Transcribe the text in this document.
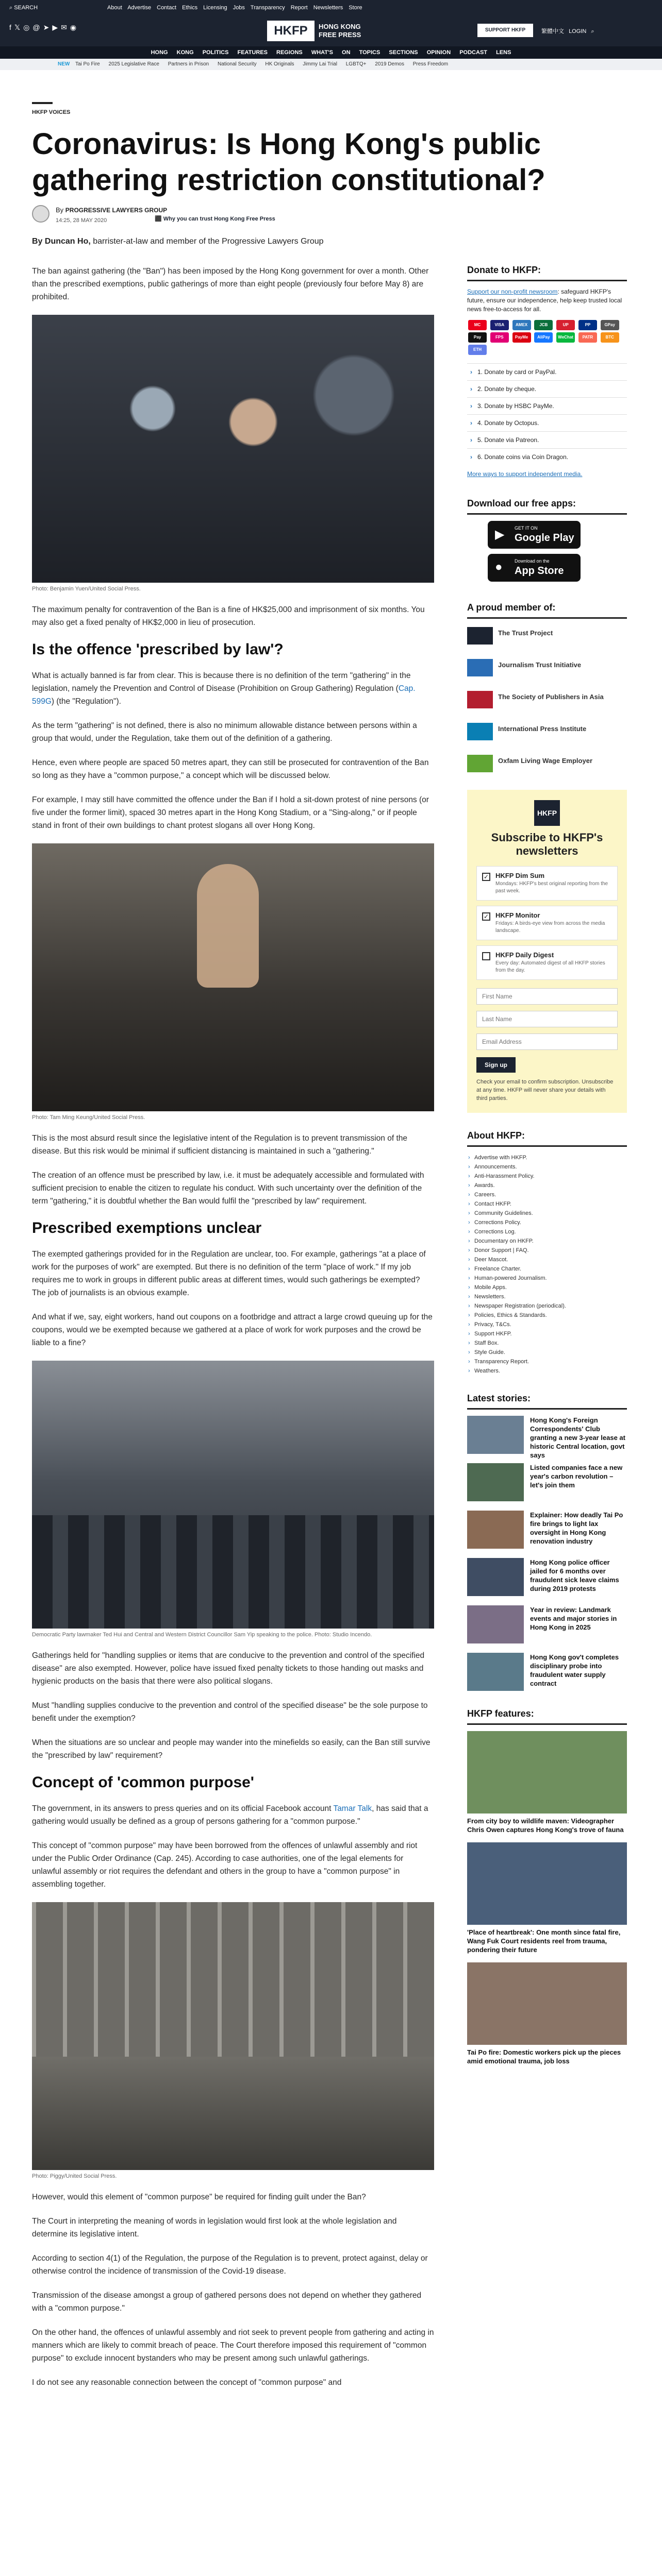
⌕ SEARCH	About Advertise Contact Ethics Licensing Jobs Transparency Report Newsletters Store
f𝕏◎@➤▶✉◉	HKFP	HONG KONG
FREE PRESS
SUPPORT HKFP	繁體中文 LOGIN ⌕
HONG KONG POLITICS FEATURES REGIONS WHAT'S ON TOPICS SECTIONS OPINION PODCAST LENS
NEW Tai Po Fire 2025 Legislative Race Partners in Prison National Security HK Originals Jimmy Lai Trial LGBTQ+ 2019 Demos Press Freedom
HKFP VOICES
Coronavirus: Is Hong Kong's public gathering restriction constitutional?
By PROGRESSIVE LAWYERS GROUP
14:25, 28 MAY 2020	⬛ Why you can trust Hong Kong Free Press
By Duncan Ho, barrister-at-law and member of the Progressive Lawyers Group

The ban against gathering (the "Ban") has been imposed by the Hong Kong government for over a month. Other than the prescribed exemptions, public gatherings of more than eight people (previously four before May 8) are prohibited.

Photo: Benjamin Yuen/United Social Press.

The maximum penalty for contravention of the Ban is a fine of HK$25,000 and imprisonment of six months. You may also get a fixed penalty of HK$2,000 in lieu of prosecution.

Is the offence 'prescribed by law'?

What is actually banned is far from clear. This is because there is no definition of the term "gathering" in the legislation, namely the Prevention and Control of Disease (Prohibition on Group Gathering) Regulation (Cap. 599G) (the "Regulation").

As the term "gathering" is not defined, there is also no minimum allowable distance between persons within a group that would, under the Regulation, take them out of the definition of a gathering.

Hence, even where people are spaced 50 metres apart, they can still be prosecuted for contravention of the Ban so long as they have a "common purpose," a concept which will be discussed below.

For example, I may still have committed the offence under the Ban if I hold a sit-down protest of nine persons (or five under the former limit), spaced 30 metres apart in the Hong Kong Stadium, or a "Sing-along," or if people stand in front of their own buildings to chant protest slogans all over Hong Kong.

Photo: Tam Ming Keung/United Social Press.

This is the most absurd result since the legislative intent of the Regulation is to prevent transmission of the disease. But this risk would be minimal if sufficient distancing is maintained in such a "gathering."

The creation of an offence must be prescribed by law, i.e. it must be adequately accessible and formulated with sufficient precision to enable the citizen to regulate his conduct. With such uncertainty over the definition of the term "gathering," it is doubtful whether the Ban would fulfil the "prescribed by law" requirement.

Prescribed exemptions unclear

The exempted gatherings provided for in the Regulation are unclear, too. For example, gatherings "at a place of work for the purposes of work" are exempted. But there is no definition of the term "place of work." If my job requires me to work in groups in different public areas at different times, would such gatherings be exempted? The job of journalists is an obvious example.

And what if we, say, eight workers, hand out coupons on a footbridge and attract a large crowd queuing up for the coupons, would we be exempted because we gathered at a place of work for work purposes and the crowd be liable to a fine?

Democratic Party lawmaker Ted Hui and Central and Western District Councillor Sam Yip speaking to the police. Photo: Studio Incendo.

Gatherings held for "handling supplies or items that are conducive to the prevention and control of the specified disease" are also exempted. However, police have issued fixed penalty tickets to those handing out masks and hygienic products on the basis that there were also political slogans.

Must "handling supplies conducive to the prevention and control of the specified disease" be the sole purpose to benefit under the exemption?

When the situations are so unclear and people may wander into the minefields so easily, can the Ban still survive the "prescribed by law" requirement?

Concept of 'common purpose'

The government, in its answers to press queries and on its official Facebook account Tamar Talk, has said that a gathering would usually be defined as a group of persons gathering for a "common purpose."

This concept of "common purpose" may have been borrowed from the offences of unlawful assembly and riot under the Public Order Ordinance (Cap. 245). According to case authorities, one of the legal elements for unlawful assembly or riot requires the defendant and others in the group to have a "common purpose" in assembling together.

Photo: Piggy/United Social Press.

However, would this element of "common purpose" be required for finding guilt under the Ban?

The Court in interpreting the meaning of words in legislation would first look at the whole legislation and determine its legislative intent.

According to section 4(1) of the Regulation, the purpose of the Regulation is to prevent, protect against, delay or otherwise control the incidence of transmission of the Covid-19 disease.

Transmission of the disease amongst a group of gathered persons does not depend on whether they gathered with a "common purpose."

On the other hand, the offences of unlawful assembly and riot seek to prevent people from gathering and acting in manners which are likely to commit breach of peace. The Court therefore imposed this requirement of "common purpose" to exclude innocent bystanders who may be present among such unlawful gatherings.

I do not see any reasonable connection between the concept of "common purpose" and

Donate to HKFP:
Support our non-profit newsroom: safeguard HKFP's future, ensure our independence, help keep trusted local news free-to-access for all.
MC	VISA	AMEX	JCB	UP	PP	GPay Pay	FPS	PayMe AliPay WeChat PATR	BTC ETH
› 1. Donate by card or PayPal.
› 2. Donate by cheque.
› 3. Donate by HSBC PayMe.
› 4. Donate by Octopus.
› 5. Donate via Patreon.
› 6. Donate coins via Coin Dragon.
More ways to support independent media.
Download our free apps:
▶ GET IT ON
Google Play
●	Download on the
App Store
A proud member of:
The Trust Project
Journalism Trust Initiative
The Society of Publishers in Asia
International Press Institute
Oxfam Living Wage Employer
HKFP
Subscribe to HKFP's newsletters
✓ HKFP Dim Sum
Mondays: HKFP's best original reporting from the past week.
✓ HKFP Monitor
Fridays: A birds-eye view from across the media landscape.
HKFP Daily Digest
Every day: Automated digest of all HKFP stories from the day.
First Name Last Name Email Address Sign up
Check your email to confirm subscription. Unsubscribe at any time. HKFP will never share your details with third parties.
About HKFP:
› Advertise with HKFP.
› Announcements.
› Anti-Harassment Policy.
› Awards.
› Careers.
› Contact HKFP.
› Community Guidelines.
› Corrections Policy.
› Corrections Log.
› Documentary on HKFP.
› Donor Support | FAQ.
› Deer Mascot.
› Freelance Charter.
› Human-powered Journalism.
› Mobile Apps.
› Newsletters.
› Newspaper Registration (periodical).
› Policies, Ethics & Standards.
› Privacy, T&Cs.
› Support HKFP.
› Staff Box.
› Style Guide.
› Transparency Report.
› Weathers.
Latest stories:
Hong Kong's Foreign Correspondents' Club granting a new 3-year lease at historic Central location, govt says
Listed companies face a new year's carbon revolution – let's join them
Explainer: How deadly Tai Po fire brings to light lax oversight in Hong Kong renovation industry
Hong Kong police officer jailed for 6 months over fraudulent sick leave claims during 2019 protests
Year in review: Landmark events and major stories in Hong Kong in 2025
Hong Kong gov't completes disciplinary probe into fraudulent water supply contract
HKFP features:
From city boy to wildlife maven: Videographer Chris Owen captures Hong Kong's trove of fauna
'Place of heartbreak': One month since fatal fire, Wang Fuk Court residents reel from trauma, pondering their future
Tai Po fire: Domestic workers pick up the pieces amid emotional trauma, job loss
